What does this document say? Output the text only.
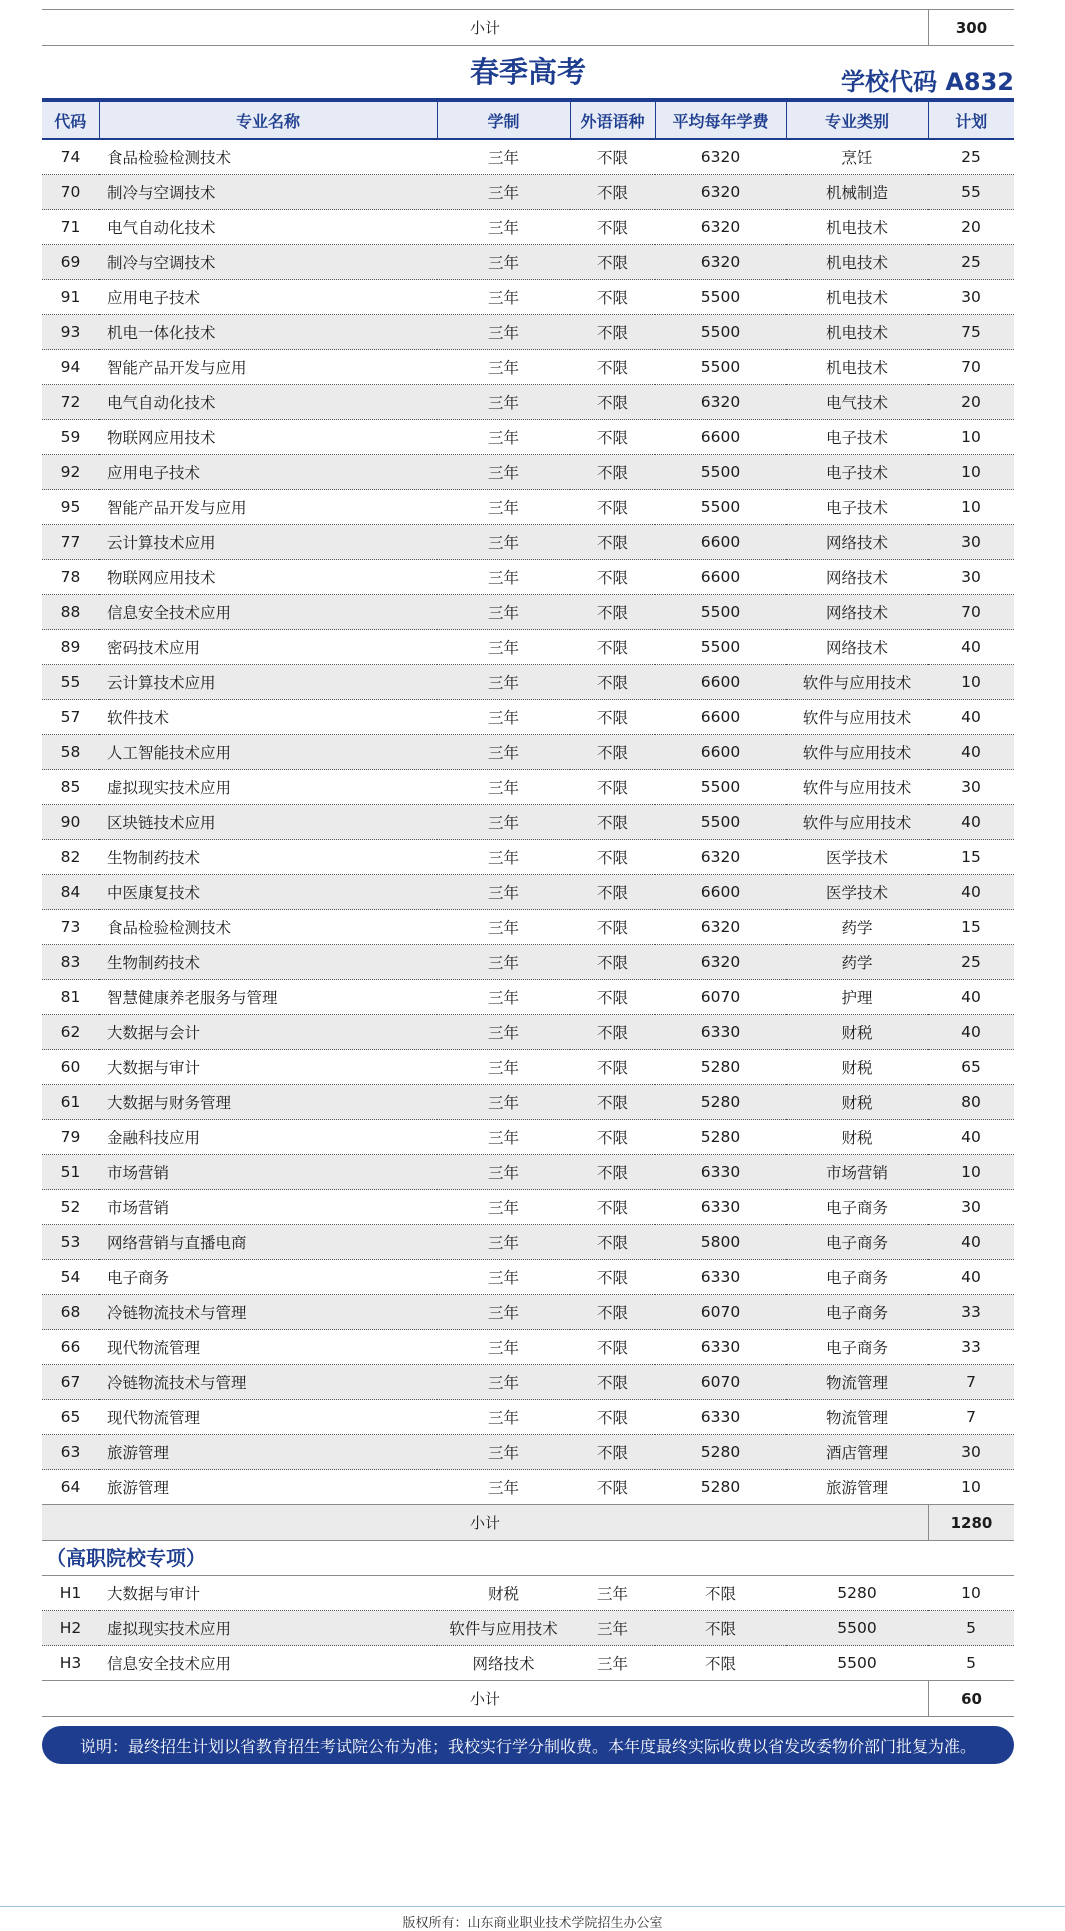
小计	300
春季高考	学校代码 A832
代码	专业名称	学制	外语语种	平均每年学费	专业类别	计划
74	食品检验检测技术	三年	不限	6320	烹饪	25
70	制冷与空调技术	三年	不限	6320	机械制造	55
71	电气自动化技术	三年	不限	6320	机电技术	20
69	制冷与空调技术	三年	不限	6320	机电技术	25
91	应用电子技术	三年	不限	5500	机电技术	30
93	机电一体化技术	三年	不限	5500	机电技术	75
94	智能产品开发与应用	三年	不限	5500	机电技术	70
72	电气自动化技术	三年	不限	6320	电气技术	20
59	物联网应用技术	三年	不限	6600	电子技术	10
92	应用电子技术	三年	不限	5500	电子技术	10
95	智能产品开发与应用	三年	不限	5500	电子技术	10
77	云计算技术应用	三年	不限	6600	网络技术	30
78	物联网应用技术	三年	不限	6600	网络技术	30
88	信息安全技术应用	三年	不限	5500	网络技术	70
89	密码技术应用	三年	不限	5500	网络技术	40
55	云计算技术应用	三年	不限	6600	软件与应用技术	10
57	软件技术	三年	不限	6600	软件与应用技术	40
58	人工智能技术应用	三年	不限	6600	软件与应用技术	40
85	虚拟现实技术应用	三年	不限	5500	软件与应用技术	30
90	区块链技术应用	三年	不限	5500	软件与应用技术	40
82	生物制药技术	三年	不限	6320	医学技术	15
84	中医康复技术	三年	不限	6600	医学技术	40
73	食品检验检测技术	三年	不限	6320	药学	15
83	生物制药技术	三年	不限	6320	药学	25
81	智慧健康养老服务与管理	三年	不限	6070	护理	40
62	大数据与会计	三年	不限	6330	财税	40
60	大数据与审计	三年	不限	5280	财税	65
61	大数据与财务管理	三年	不限	5280	财税	80
79	金融科技应用	三年	不限	5280	财税	40
51	市场营销	三年	不限	6330	市场营销	10
52	市场营销	三年	不限	6330	电子商务	30
53	网络营销与直播电商	三年	不限	5800	电子商务	40
54	电子商务	三年	不限	6330	电子商务	40
68	冷链物流技术与管理	三年	不限	6070	电子商务	33
66	现代物流管理	三年	不限	6330	电子商务	33
67	冷链物流技术与管理	三年	不限	6070	物流管理	7
65	现代物流管理	三年	不限	6330	物流管理	7
63	旅游管理	三年	不限	5280	酒店管理	30
64	旅游管理	三年	不限	5280	旅游管理	10
小计	1280
（高职院校专项）
H1	大数据与审计	财税	三年	不限	5280	10
H2	虚拟现实技术应用	软件与应用技术	三年	不限	5500	5
H3	信息安全技术应用	网络技术	三年	不限	5500	5
小计	60
说明：最终招生计划以省教育招生考试院公布为准；我校实行学分制收费。本年度最终实际收费以省发改委物价部门批复为准。
版权所有：山东商业职业技术学院招生办公室
